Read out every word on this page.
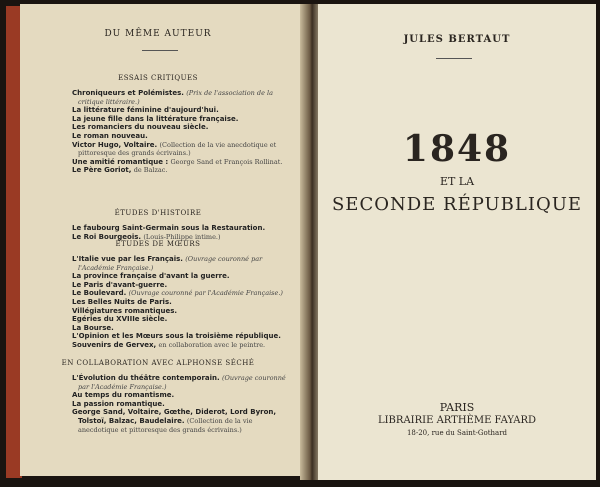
DU MÊME AUTEUR
ESSAIS CRITIQUES
Chroniqueurs et Polémistes. (Prix de l'association de la critique littéraire.)
La littérature féminine d'aujourd'hui.
La jeune fille dans la littérature française.
Les romanciers du nouveau siècle.
Le roman nouveau.
Victor Hugo, Voltaire. (Collection de la vie anecdotique et pittoresque des grands écrivains.)
Une amitié romantique : George Sand et François Rollinat.
Le Père Goriot, de Balzac.
ÉTUDES D'HISTOIRE
Le faubourg Saint-Germain sous la Restauration.
Le Roi Bourgeois. (Louis-Philippe intime.)
ÉTUDES DE MŒURS
L'Italie vue par les Français. (Ouvrage couronné par l'Académie Française.)
La province française d'avant la guerre.
Le Paris d'avant-guerre.
Le Boulevard. (Ouvrage couronné par l'Académie Française.)
Les Belles Nuits de Paris.
Villégiatures romantiques.
Egéries du XVIIIe siècle.
La Bourse.
L'Opinion et les Mœurs sous la troisième république.
Souvenirs de Gervex, en collaboration avec le peintre.
EN COLLABORATION AVEC ALPHONSE SÉCHÉ
L'Évolution du théâtre contemporain. (Ouvrage couronné par l'Académie Française.)
Au temps du romantisme.
La passion romantique.
George Sand, Voltaire, Gœthe, Diderot, Lord Byron, Tolstoï, Balzac, Baudelaire. (Collection de la vie anecdotique et pittoresque des grands écrivains.)
JULES BERTAUT
1848
ET LA
SECONDE RÉPUBLIQUE
PARIS
LIBRAIRIE ARTHÈME FAYARD
18-20, rue du Saint-Gothard
